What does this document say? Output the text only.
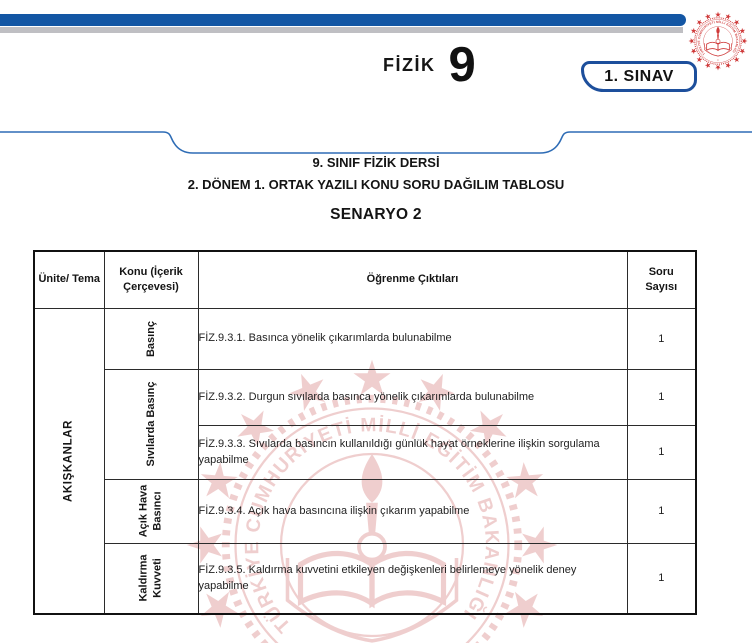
FİZİK 9	1. SINAV
9. SINIF FİZİK DERSİ
2. DÖNEM 1. ORTAK YAZILI KONU SORU DAĞILIM TABLOSU
SENARYO 2
Ünite/ Tema	Konu (İçerik Çerçevesi)	Öğrenme Çıktıları	Soru Sayısı

AKIŞKANLAR	Basınç	FİZ.9.3.1. Basınca yönelik çıkarımlarda bulunabilme	1

	Sıvılarda Basınç	FİZ.9.3.2. Durgun sıvılarda basınca yönelik çıkarımlarda bulunabilme	1
		FİZ.9.3.3. Sıvılarda basıncın kullanıldığı günlük hayat örneklerine ilişkin sorgulama yapabilme	1

	Açık Hava Basıncı	FİZ.9.3.4. Açık hava basıncına ilişkin çıkarım yapabilme	1

	Kaldırma Kuvveti	FİZ.9.3.5. Kaldırma kuvvetini etkileyen değişkenleri belirlemeye yönelik deney yapabilme	1
